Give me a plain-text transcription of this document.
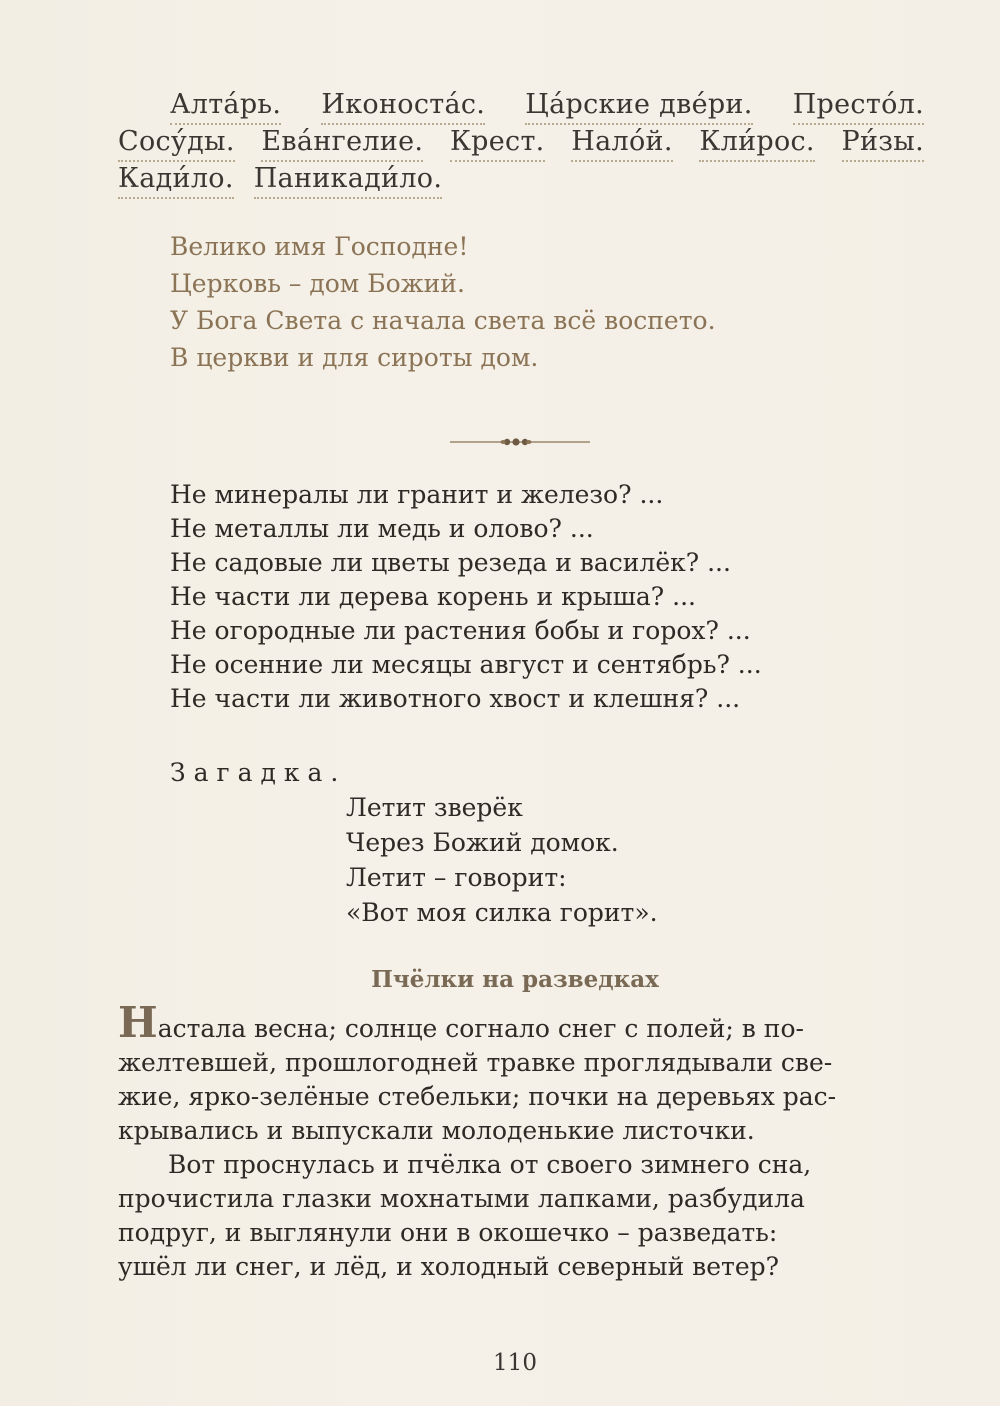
Алта́рь. Иконоста́с. Ца́рские две́ри. Престо́л.
Сосу́ды. Ева́нгелие. Крест. Нало́й. Кли́рос. Ри́зы.
Кади́ло. Паникади́ло.
Велико имя Господне!
Церковь – дом Божий.
У Бога Света с начала света всё воспето.
В церкви и для сироты дом.
Не минералы ли гранит и железо? ...
Не металлы ли медь и олово? ...
Не садовые ли цветы резеда и василёк? ...
Не части ли дерева корень и крыша? ...
Не огородные ли растения бобы и горох? ...
Не осенние ли месяцы август и сентябрь? ...
Не части ли животного хвост и клешня? ...
Загадка.
Летит зверёк
Через Божий домок.
Летит – говорит:
«Вот моя силка горит».
Пчёлки на разведках
Настала весна; солнце согнало снег с полей; в по-
желтевшей, прошлогодней травке проглядывали све-
жие, ярко-зелёные стебельки; почки на деревьях рас-
крывались и выпускали молоденькие листочки.
Вот проснулась и пчёлка от своего зимнего сна,
прочистила глазки мохнатыми лапками, разбудила
подруг, и выглянули они в окошечко – разведать:
ушёл ли снег, и лёд, и холодный северный ветер?
110
